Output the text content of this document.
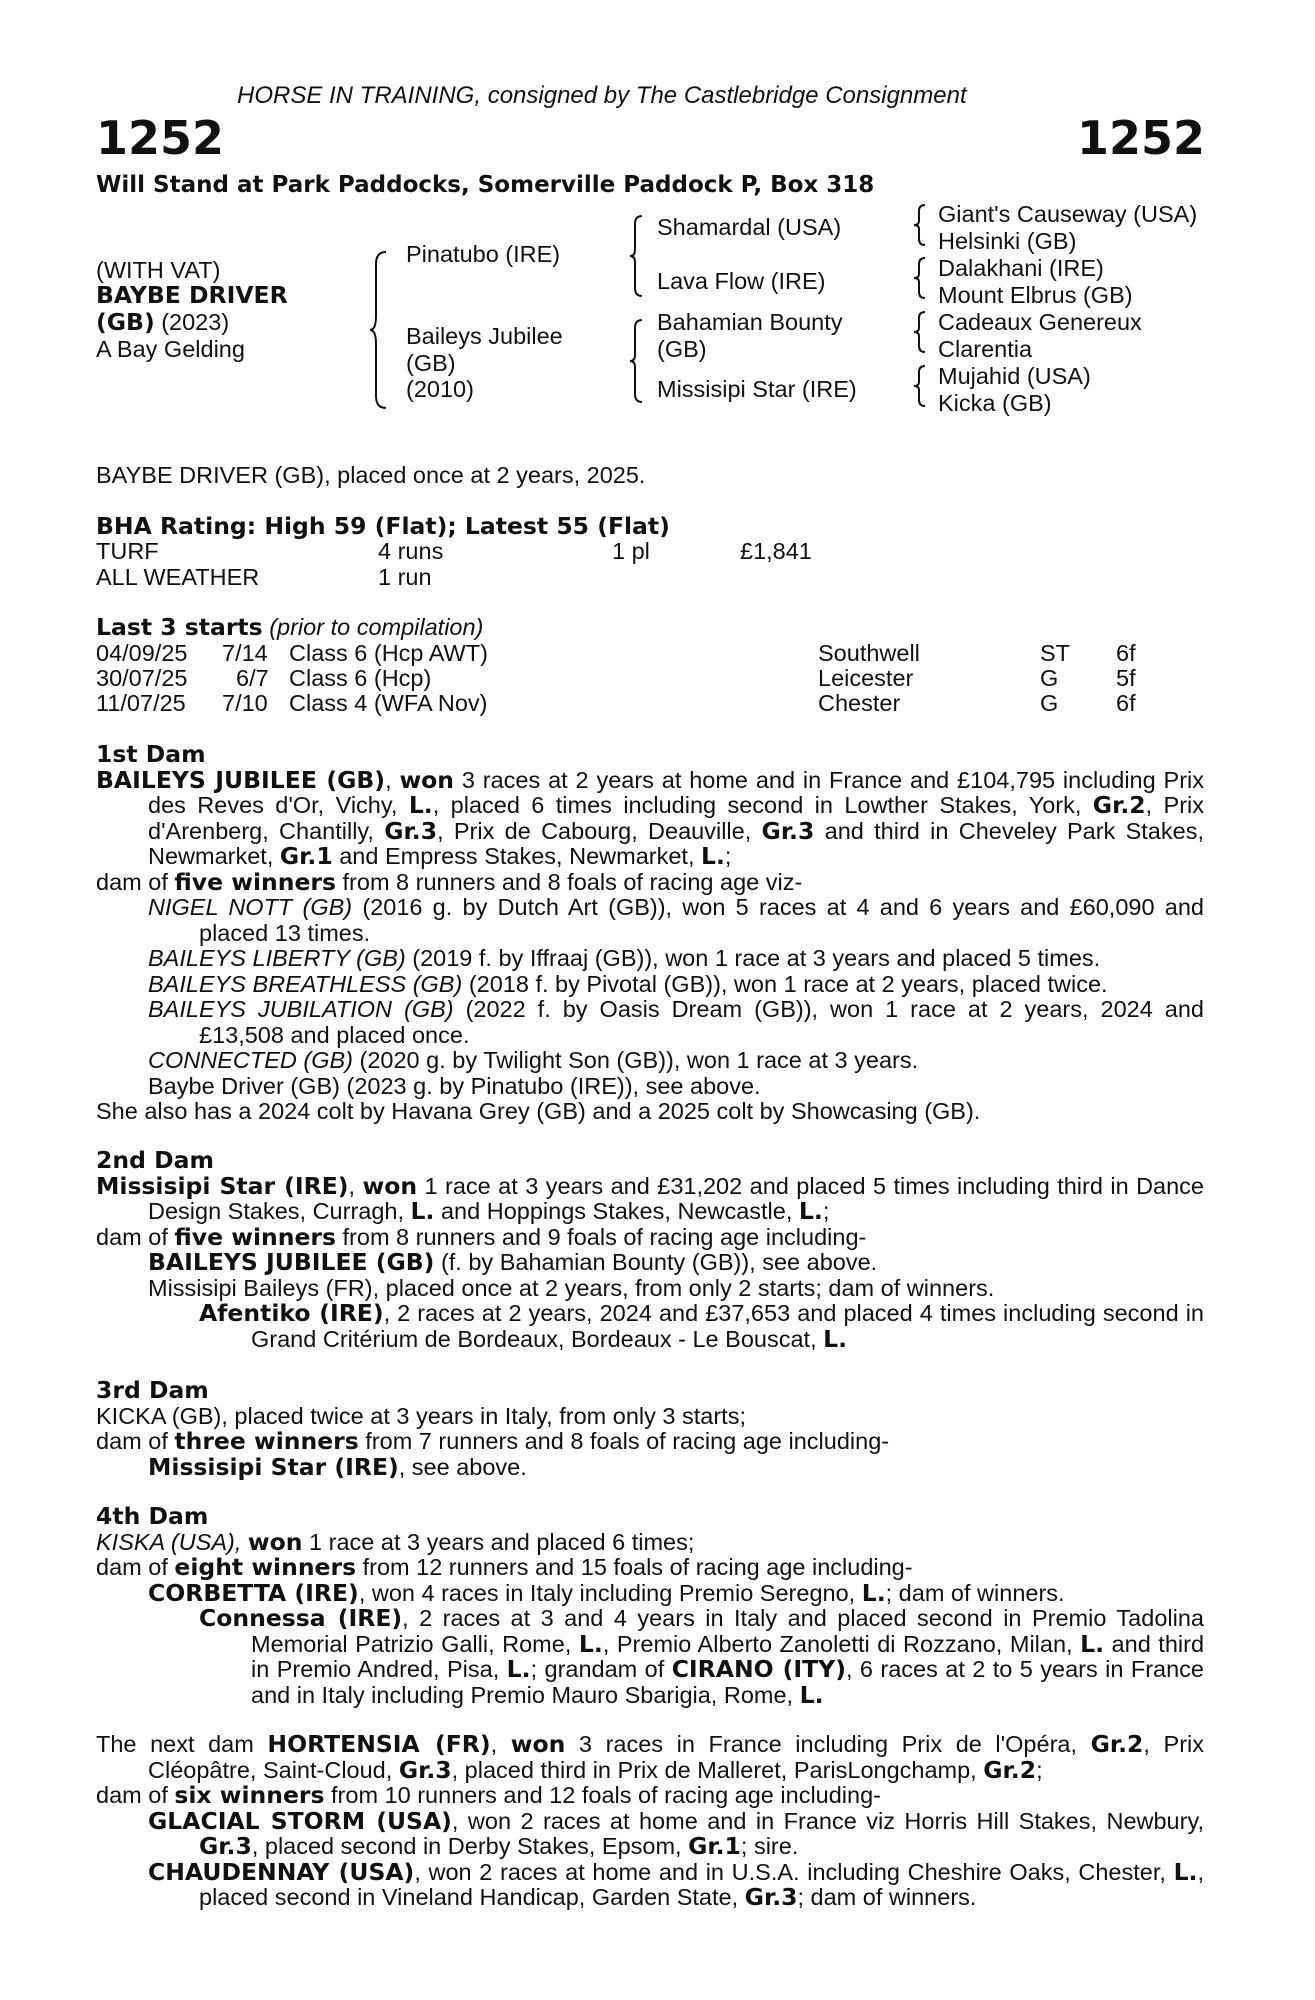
HORSE IN TRAINING, consigned by The Castlebridge Consignment
1252	1252
Will Stand at Park Paddocks, Somerville Paddock P, Box 318
(WITH VAT)
BAYBE DRIVER
(GB) (2023)
A Bay Gelding
Pinatubo (IRE)
Baileys Jubilee
(GB)
(2010)
Shamardal (USA)
Lava Flow (IRE)
Bahamian Bounty
(GB)
Missisipi Star (IRE)
Giant's Causeway (USA)
Helsinki (GB)
Dalakhani (IRE)
Mount Elbrus (GB)
Cadeaux Genereux
Clarentia
Mujahid (USA)
Kicka (GB)
BAYBE DRIVER (GB), placed once at 2 years, 2025.
BHA Rating: High 59 (Flat); Latest 55 (Flat)
TURF	4 runs	1 pl	£1,841
ALL WEATHER	1 run
Last 3 starts (prior to compilation)
04/09/25 7/14 Class 6 (Hcp AWT)	Southwell	ST 6f
30/07/25 6/7 Class 6 (Hcp)	Leicester	G 5f
11/07/25 7/10 Class 4 (WFA Nov)	Chester	G 6f

1st Dam

BAILEYS JUBILEE (GB), won 3 races at 2 years at home and in France and £104,795 including Prix des Reves d'Or, Vichy, L., placed 6 times including second in Lowther Stakes, York, Gr.2, Prix d'Arenberg, Chantilly, Gr.3, Prix de Cabourg, Deauville, Gr.3 and third in Cheveley Park Stakes, Newmarket, Gr.1 and Empress Stakes, Newmarket, L.;

dam of five winners from 8 runners and 8 foals of racing age viz-

NIGEL NOTT (GB) (2016 g. by Dutch Art (GB)), won 5 races at 4 and 6 years and £60,090 and placed 13 times.

BAILEYS LIBERTY (GB) (2019 f. by Iffraaj (GB)), won 1 race at 3 years and placed 5 times.

BAILEYS BREATHLESS (GB) (2018 f. by Pivotal (GB)), won 1 race at 2 years, placed twice.

BAILEYS JUBILATION (GB) (2022 f. by Oasis Dream (GB)), won 1 race at 2 years, 2024 and £13,508 and placed once.

CONNECTED (GB) (2020 g. by Twilight Son (GB)), won 1 race at 3 years.

Baybe Driver (GB) (2023 g. by Pinatubo (IRE)), see above.

She also has a 2024 colt by Havana Grey (GB) and a 2025 colt by Showcasing (GB).

2nd Dam

Missisipi Star (IRE), won 1 race at 3 years and £31,202 and placed 5 times including third in Dance Design Stakes, Curragh, L. and Hoppings Stakes, Newcastle, L.;

dam of five winners from 8 runners and 9 foals of racing age including-

BAILEYS JUBILEE (GB) (f. by Bahamian Bounty (GB)), see above.

Missisipi Baileys (FR), placed once at 2 years, from only 2 starts; dam of winners.

Afentiko (IRE), 2 races at 2 years, 2024 and £37,653 and placed 4 times including second in Grand Critérium de Bordeaux, Bordeaux - Le Bouscat, L.

3rd Dam

KICKA (GB), placed twice at 3 years in Italy, from only 3 starts;

dam of three winners from 7 runners and 8 foals of racing age including-

Missisipi Star (IRE), see above.

4th Dam

KISKA (USA), won 1 race at 3 years and placed 6 times;

dam of eight winners from 12 runners and 15 foals of racing age including-

CORBETTA (IRE), won 4 races in Italy including Premio Seregno, L.; dam of winners.

Connessa (IRE), 2 races at 3 and 4 years in Italy and placed second in Premio Tadolina Memorial Patrizio Galli, Rome, L., Premio Alberto Zanoletti di Rozzano, Milan, L. and third in Premio Andred, Pisa, L.; grandam of CIRANO (ITY), 6 races at 2 to 5 years in France and in Italy including Premio Mauro Sbarigia, Rome, L.

The next dam HORTENSIA (FR), won 3 races in France including Prix de l'Opéra, Gr.2, Prix Cléopâtre, Saint-Cloud, Gr.3, placed third in Prix de Malleret, ParisLongchamp, Gr.2;

dam of six winners from 10 runners and 12 foals of racing age including-

GLACIAL STORM (USA), won 2 races at home and in France viz Horris Hill Stakes, Newbury, Gr.3, placed second in Derby Stakes, Epsom, Gr.1; sire.

CHAUDENNAY (USA), won 2 races at home and in U.S.A. including Cheshire Oaks, Chester, L., placed second in Vineland Handicap, Garden State, Gr.3; dam of winners.
